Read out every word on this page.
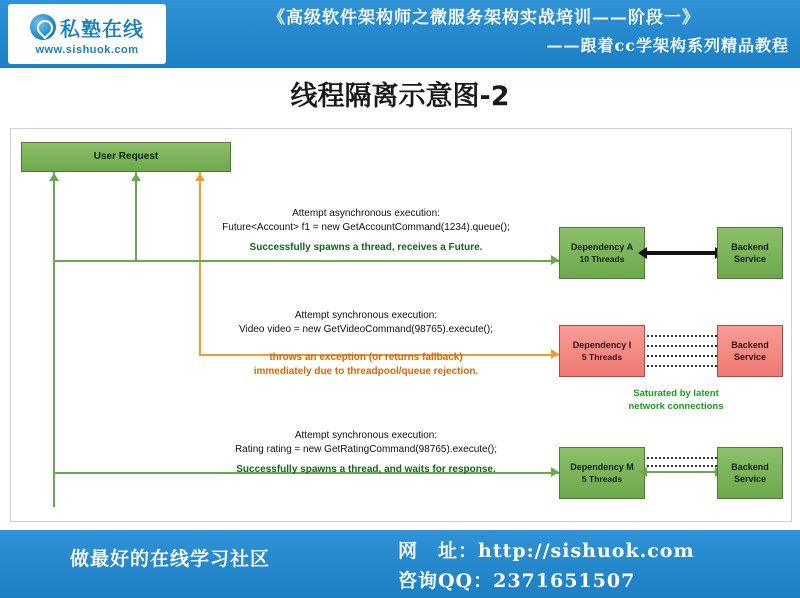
私塾在线
www.sishuok.com
《高级软件架构师之微服务架构实战培训——阶段一》
——跟着cc学架构系列精品教程
线程隔离示意图-2
User Request
Attempt asynchronous execution:
Future<Account> f1 = new GetAccountCommand(1234).queue();
Successfully spawns a thread, receives a Future.
Attempt synchronous execution:
Video video = new GetVideoCommand(98765).execute();
throws an exception (or returns fallback)
immediately due to threadpool/queue rejection.
Attempt synchronous execution:
Rating rating = new GetRatingCommand(98765).execute();
Successfully spawns a thread, and waits for response.
Dependency A
10 Threads
Backend
Service
Dependency I
5 Threads
Backend
Service
Saturated by latent
network connections
Dependency M
5 Threads
Backend
Service
做最好的在线学习社区	网　址：http://sishuok.com
咨询QQ：2371651507
